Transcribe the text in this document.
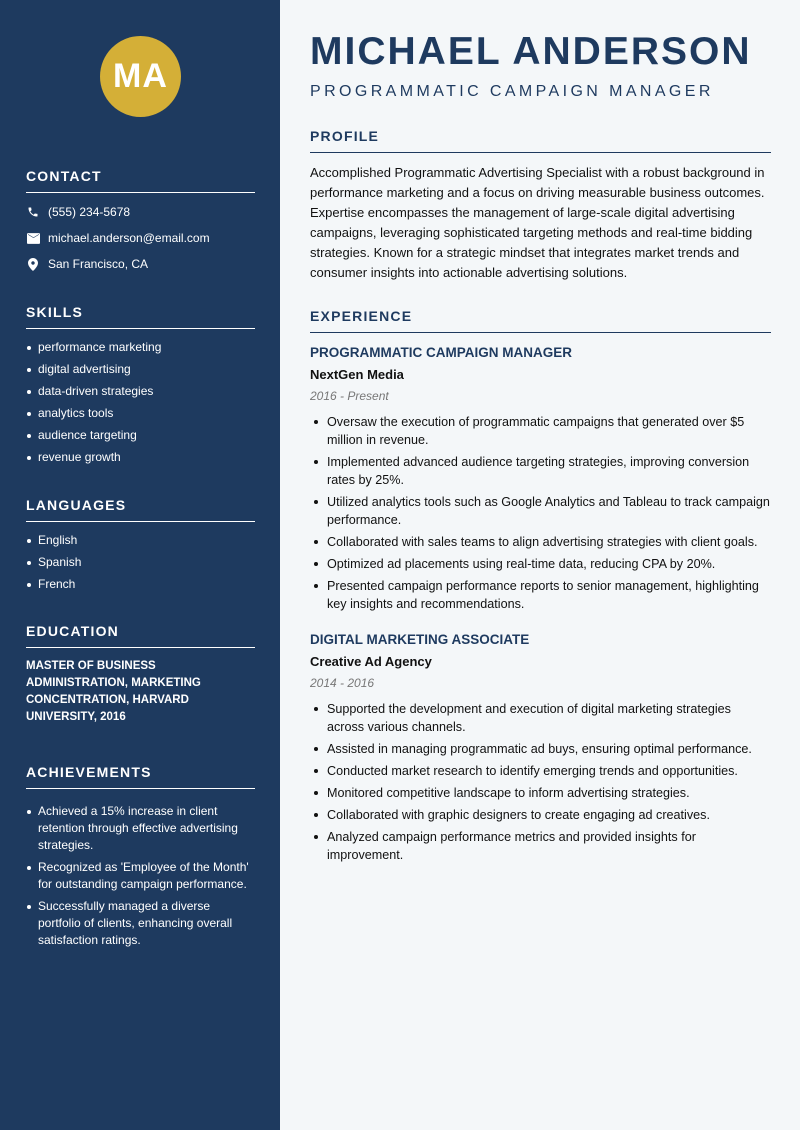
MA
CONTACT
(555) 234-5678
michael.anderson@email.com
San Francisco, CA
SKILLS
performance marketing
digital advertising
data-driven strategies
analytics tools
audience targeting
revenue growth
LANGUAGES
English
Spanish
French
EDUCATION
MASTER OF BUSINESS ADMINISTRATION, MARKETING CONCENTRATION, HARVARD UNIVERSITY, 2016
ACHIEVEMENTS
Achieved a 15% increase in client retention through effective advertising strategies.
Recognized as 'Employee of the Month' for outstanding campaign performance.
Successfully managed a diverse portfolio of clients, enhancing overall satisfaction ratings.
MICHAEL ANDERSON
PROGRAMMATIC CAMPAIGN MANAGER
PROFILE
Accomplished Programmatic Advertising Specialist with a robust background in performance marketing and a focus on driving measurable business outcomes. Expertise encompasses the management of large-scale digital advertising campaigns, leveraging sophisticated targeting methods and real-time bidding strategies. Known for a strategic mindset that integrates market trends and consumer insights into actionable advertising solutions.
EXPERIENCE
PROGRAMMATIC CAMPAIGN MANAGER
NextGen Media
2016 - Present
Oversaw the execution of programmatic campaigns that generated over $5 million in revenue.
Implemented advanced audience targeting strategies, improving conversion rates by 25%.
Utilized analytics tools such as Google Analytics and Tableau to track campaign performance.
Collaborated with sales teams to align advertising strategies with client goals.
Optimized ad placements using real-time data, reducing CPA by 20%.
Presented campaign performance reports to senior management, highlighting key insights and recommendations.
DIGITAL MARKETING ASSOCIATE
Creative Ad Agency
2014 - 2016
Supported the development and execution of digital marketing strategies across various channels.
Assisted in managing programmatic ad buys, ensuring optimal performance.
Conducted market research to identify emerging trends and opportunities.
Monitored competitive landscape to inform advertising strategies.
Collaborated with graphic designers to create engaging ad creatives.
Analyzed campaign performance metrics and provided insights for improvement.
